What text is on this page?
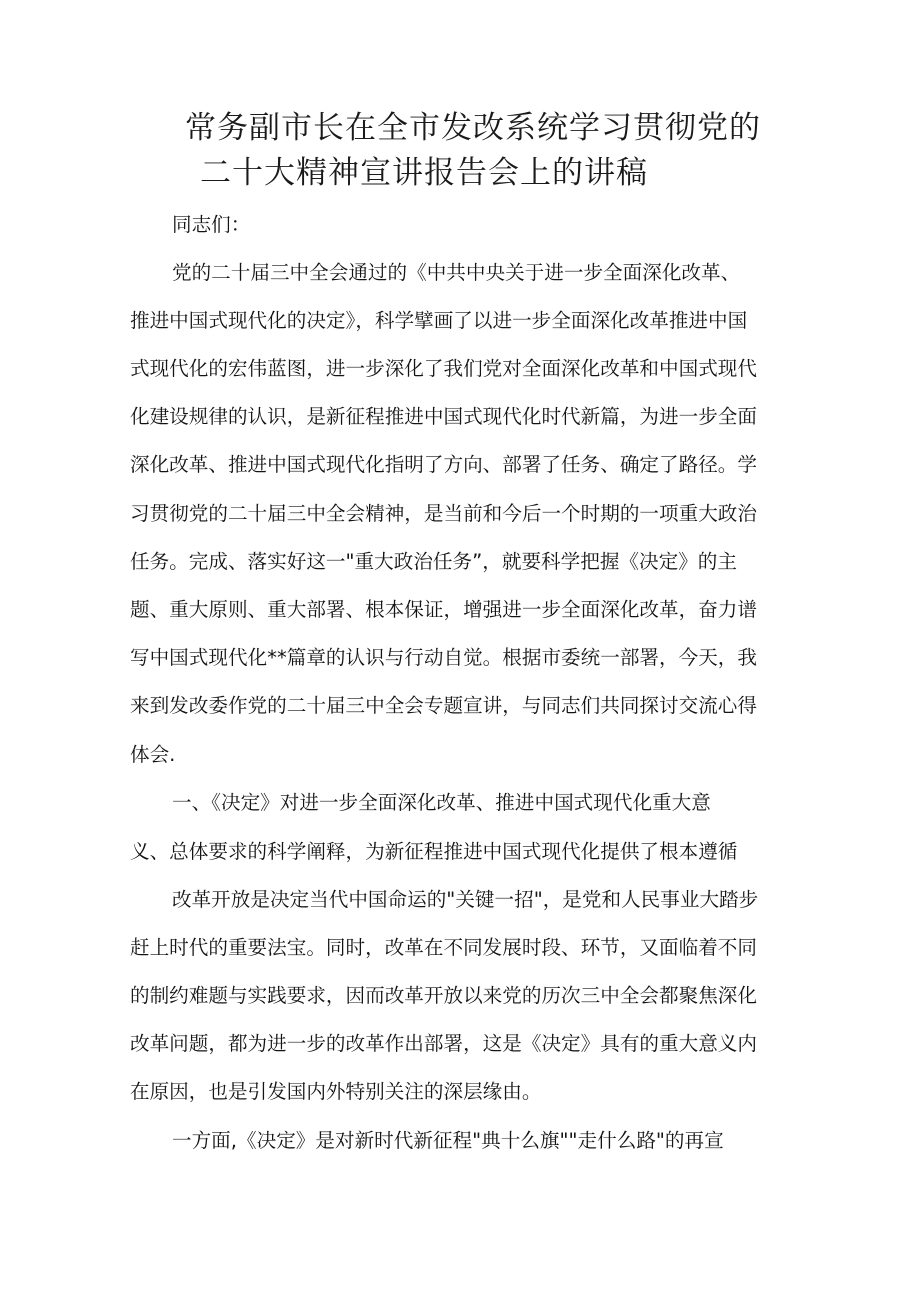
常务副市长在全市发改系统学习贯彻党的
二十大精神宣讲报告会上的讲稿
同志们：
党的二十届三中全会通过的《中共中央关于进一步全面深化改革、
推进中国式现代化的决定》，科学擘画了以进一步全面深化改革推进中国
式现代化的宏伟蓝图，进一步深化了我们党对全面深化改革和中国式现代
化建设规律的认识，是新征程推进中国式现代化时代新篇，为进一步全面
深化改革、推进中国式现代化指明了方向、部署了任务、确定了路径。学
习贯彻党的二十届三中全会精神，是当前和今后一个时期的一项重大政治
任务。完成、落实好这一"重大政治任务”，就要科学把握《决定》的主
题、重大原则、重大部署、根本保证，增强进一步全面深化改革，奋力谱
写中国式现代化**篇章的认识与行动自觉。根据市委统一部署，今天，我
来到发改委作党的二十届三中全会专题宣讲，与同志们共同探讨交流心得
体会.
一、《决定》对进一步全面深化改革、推进中国式现代化重大意
义、总体要求的科学阐释，为新征程推进中国式现代化提供了根本遵循
改革开放是决定当代中国命运的"关键一招"，是党和人民事业大踏步
赶上时代的重要法宝。同时，改革在不同发展时段、环节，又面临着不同
的制约难题与实践要求，因而改革开放以来党的历次三中全会都聚焦深化
改革问题，都为进一步的改革作出部署，这是《决定》具有的重大意义内
在原因，也是引发国内外特别关注的深层缘由。
一方面,《决定》是对新时代新征程"典十么旗""走什么路"的再宣
